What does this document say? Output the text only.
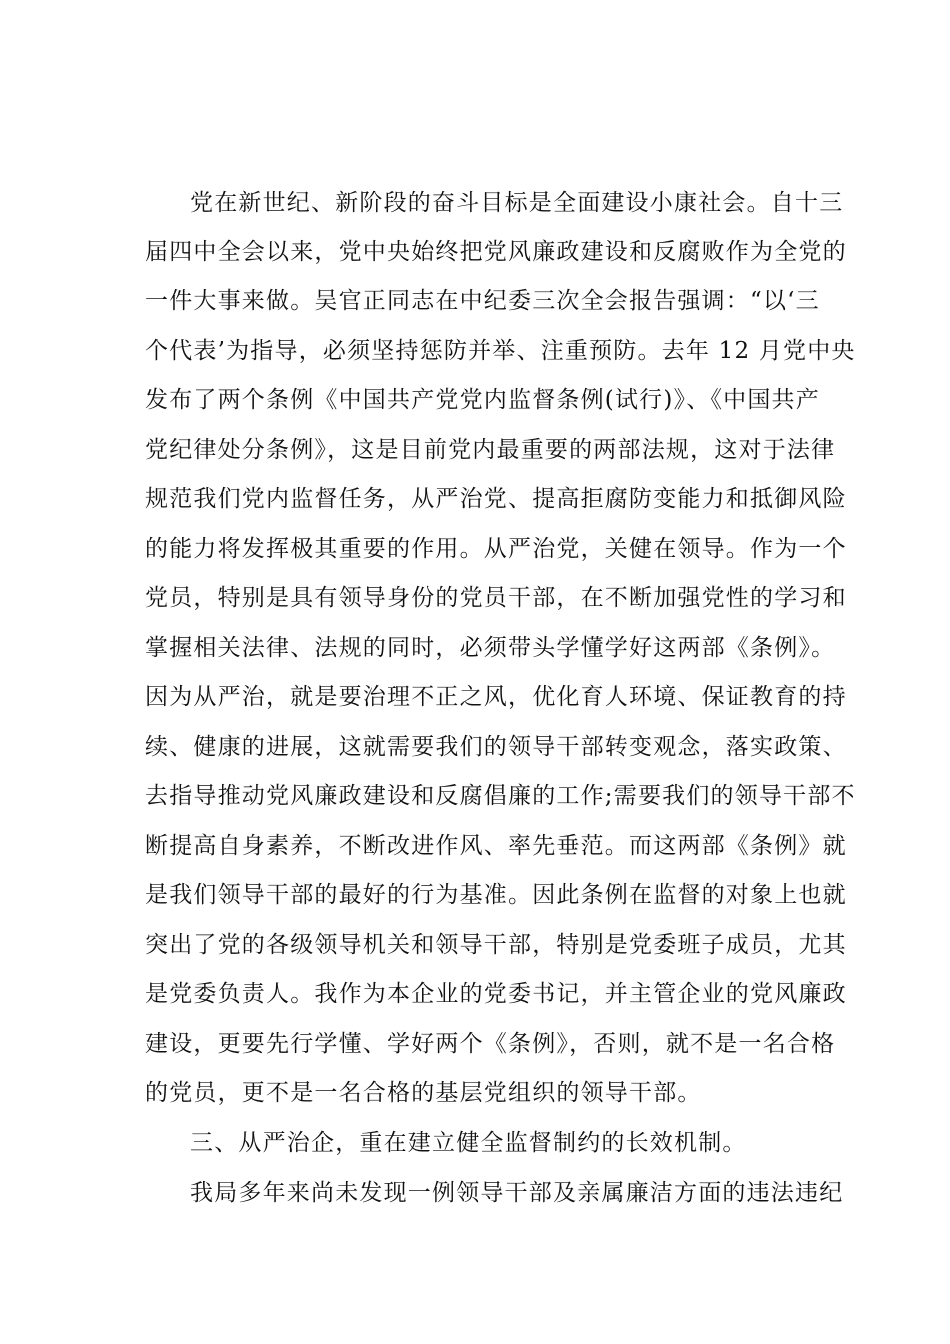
党在新世纪、新阶段的奋斗目标是全面建设小康社会。自十三
届四中全会以来，党中央始终把党风廉政建设和反腐败作为全党的
一件大事来做。吴官正同志在中纪委三次全会报告强调：“以‘三
个代表’为指导，必须坚持惩防并举、注重预防。去年 12 月党中央
发布了两个条例《中国共产党党内监督条例(试行)》、《中国共产
党纪律处分条例》，这是目前党内最重要的两部法规，这对于法律
规范我们党内监督任务，从严治党、提高拒腐防变能力和抵御风险
的能力将发挥极其重要的作用。从严治党，关健在领导。作为一个
党员，特别是具有领导身份的党员干部，在不断加强党性的学习和
掌握相关法律、法规的同时，必须带头学懂学好这两部《条例》。
因为从严治，就是要治理不正之风，优化育人环境、保证教育的持
续、健康的进展，这就需要我们的领导干部转变观念，落实政策、
去指导推动党风廉政建设和反腐倡廉的工作;需要我们的领导干部不
断提高自身素养，不断改进作风、率先垂范。而这两部《条例》就
是我们领导干部的最好的行为基准。因此条例在监督的对象上也就
突出了党的各级领导机关和领导干部，特别是党委班子成员，尤其
是党委负责人。我作为本企业的党委书记，并主管企业的党风廉政
建设，更要先行学懂、学好两个《条例》，否则，就不是一名合格
的党员，更不是一名合格的基层党组织的领导干部。
三、从严治企，重在建立健全监督制约的长效机制。
我局多年来尚未发现一例领导干部及亲属廉洁方面的违法违纪
